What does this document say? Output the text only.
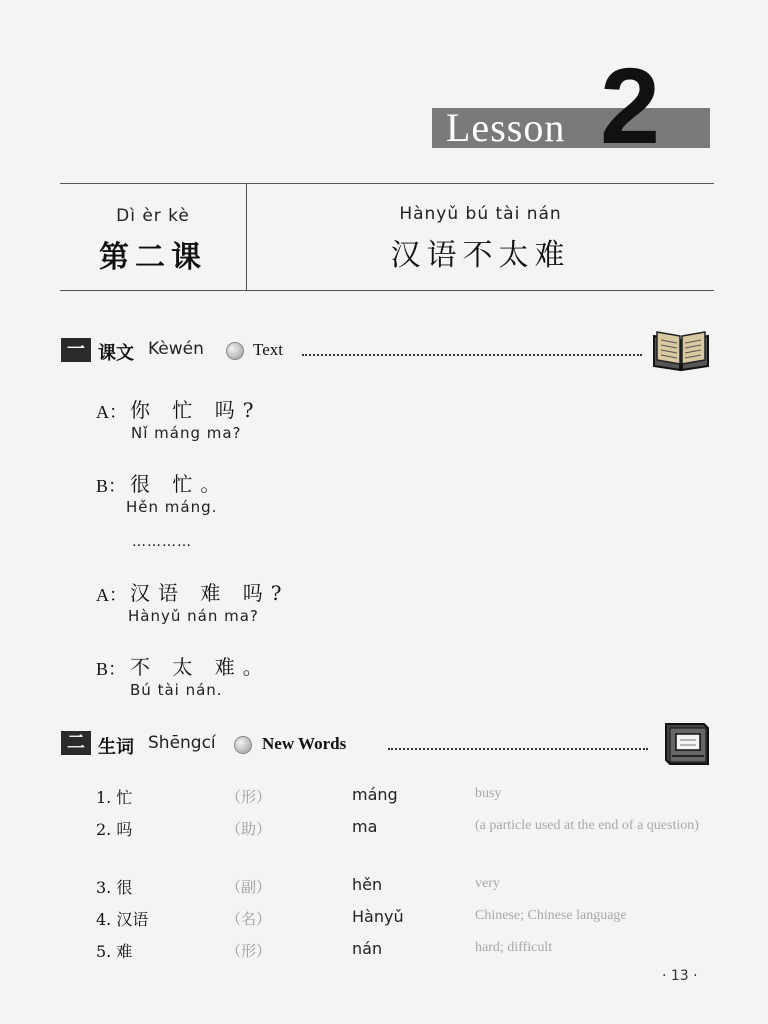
Lesson 2
Dì èr kè
第二课
Hànyǔ bú tài nán
汉语不太难
一 课文 Kèwén	Text
A： 你 忙 吗?
Nǐ máng ma?
B： 很 忙。
Hěn máng.
…………
A： 汉语 难 吗?
Hànyǔ nán ma?
B： 不 太 难。
Bú tài nán.
二 生词 Shēngcí	New Words
1. 忙	（形）	máng	busy
2. 吗	（助）	ma	(a particle used at the end of a question)
3. 很	（副）	hěn	very
4. 汉语	（名）	Hànyǔ	Chinese; Chinese language
5. 难	（形）	nán	hard; difficult
· 13 ·
